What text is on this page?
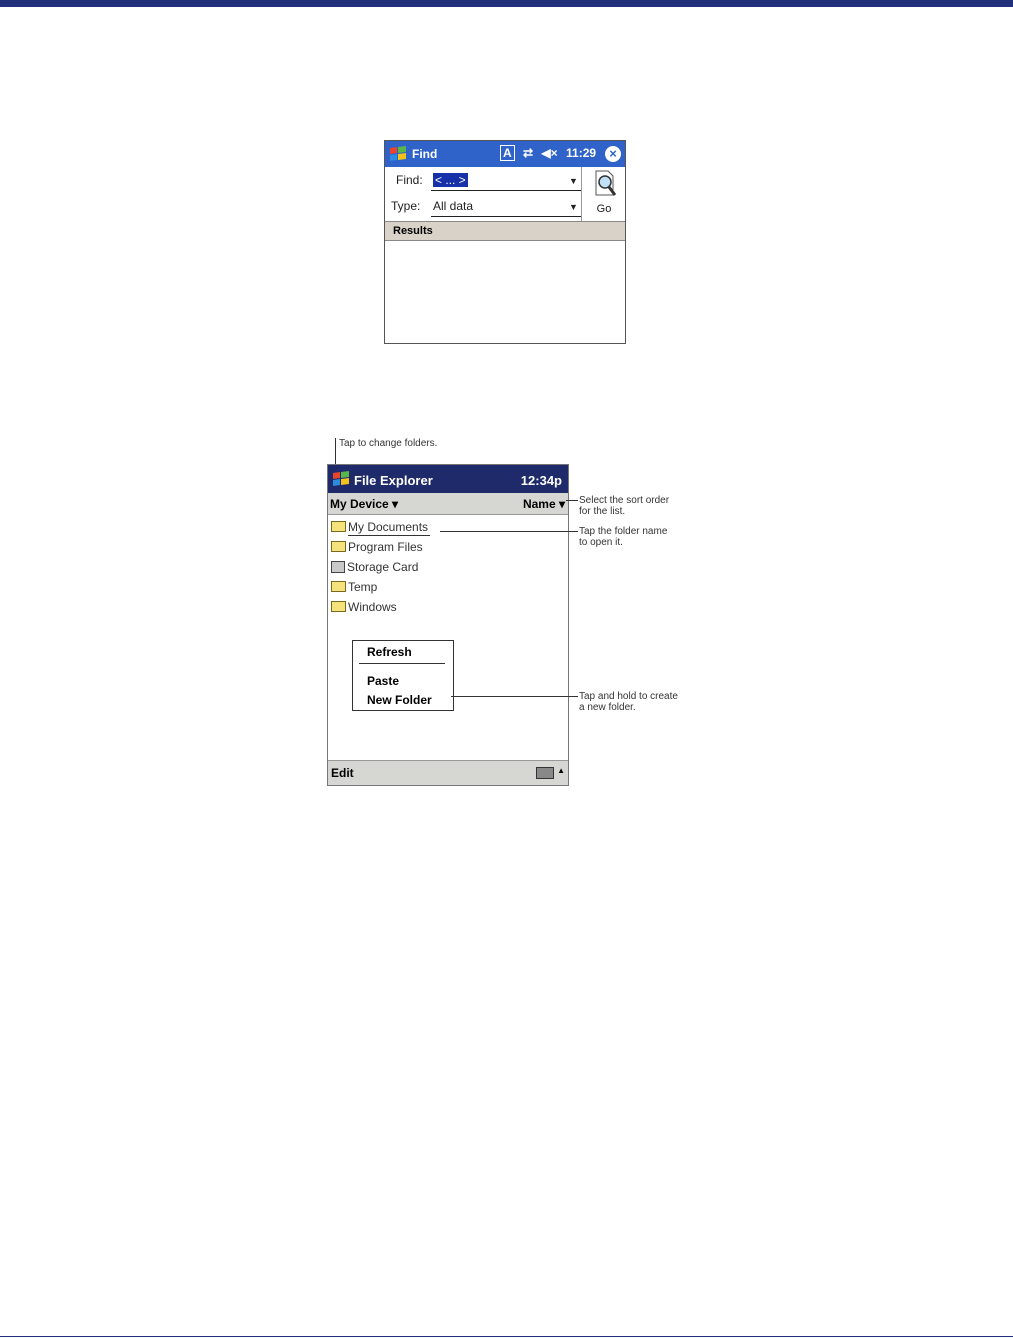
Find	A ⇄ ◀× 11:29	×
Find: < ... >	▼
Type: All data	▼	Go
Results
Tap to change folders.
File Explorer	12:34p
My Device ▾	Name ▾
My Documents
Program Files
Storage Card
Temp
Windows
Refresh
Paste
New Folder
Edit	▲
Select the sort order
for the list.
Tap the folder name
to open it.
Tap and hold to create
a new folder.
